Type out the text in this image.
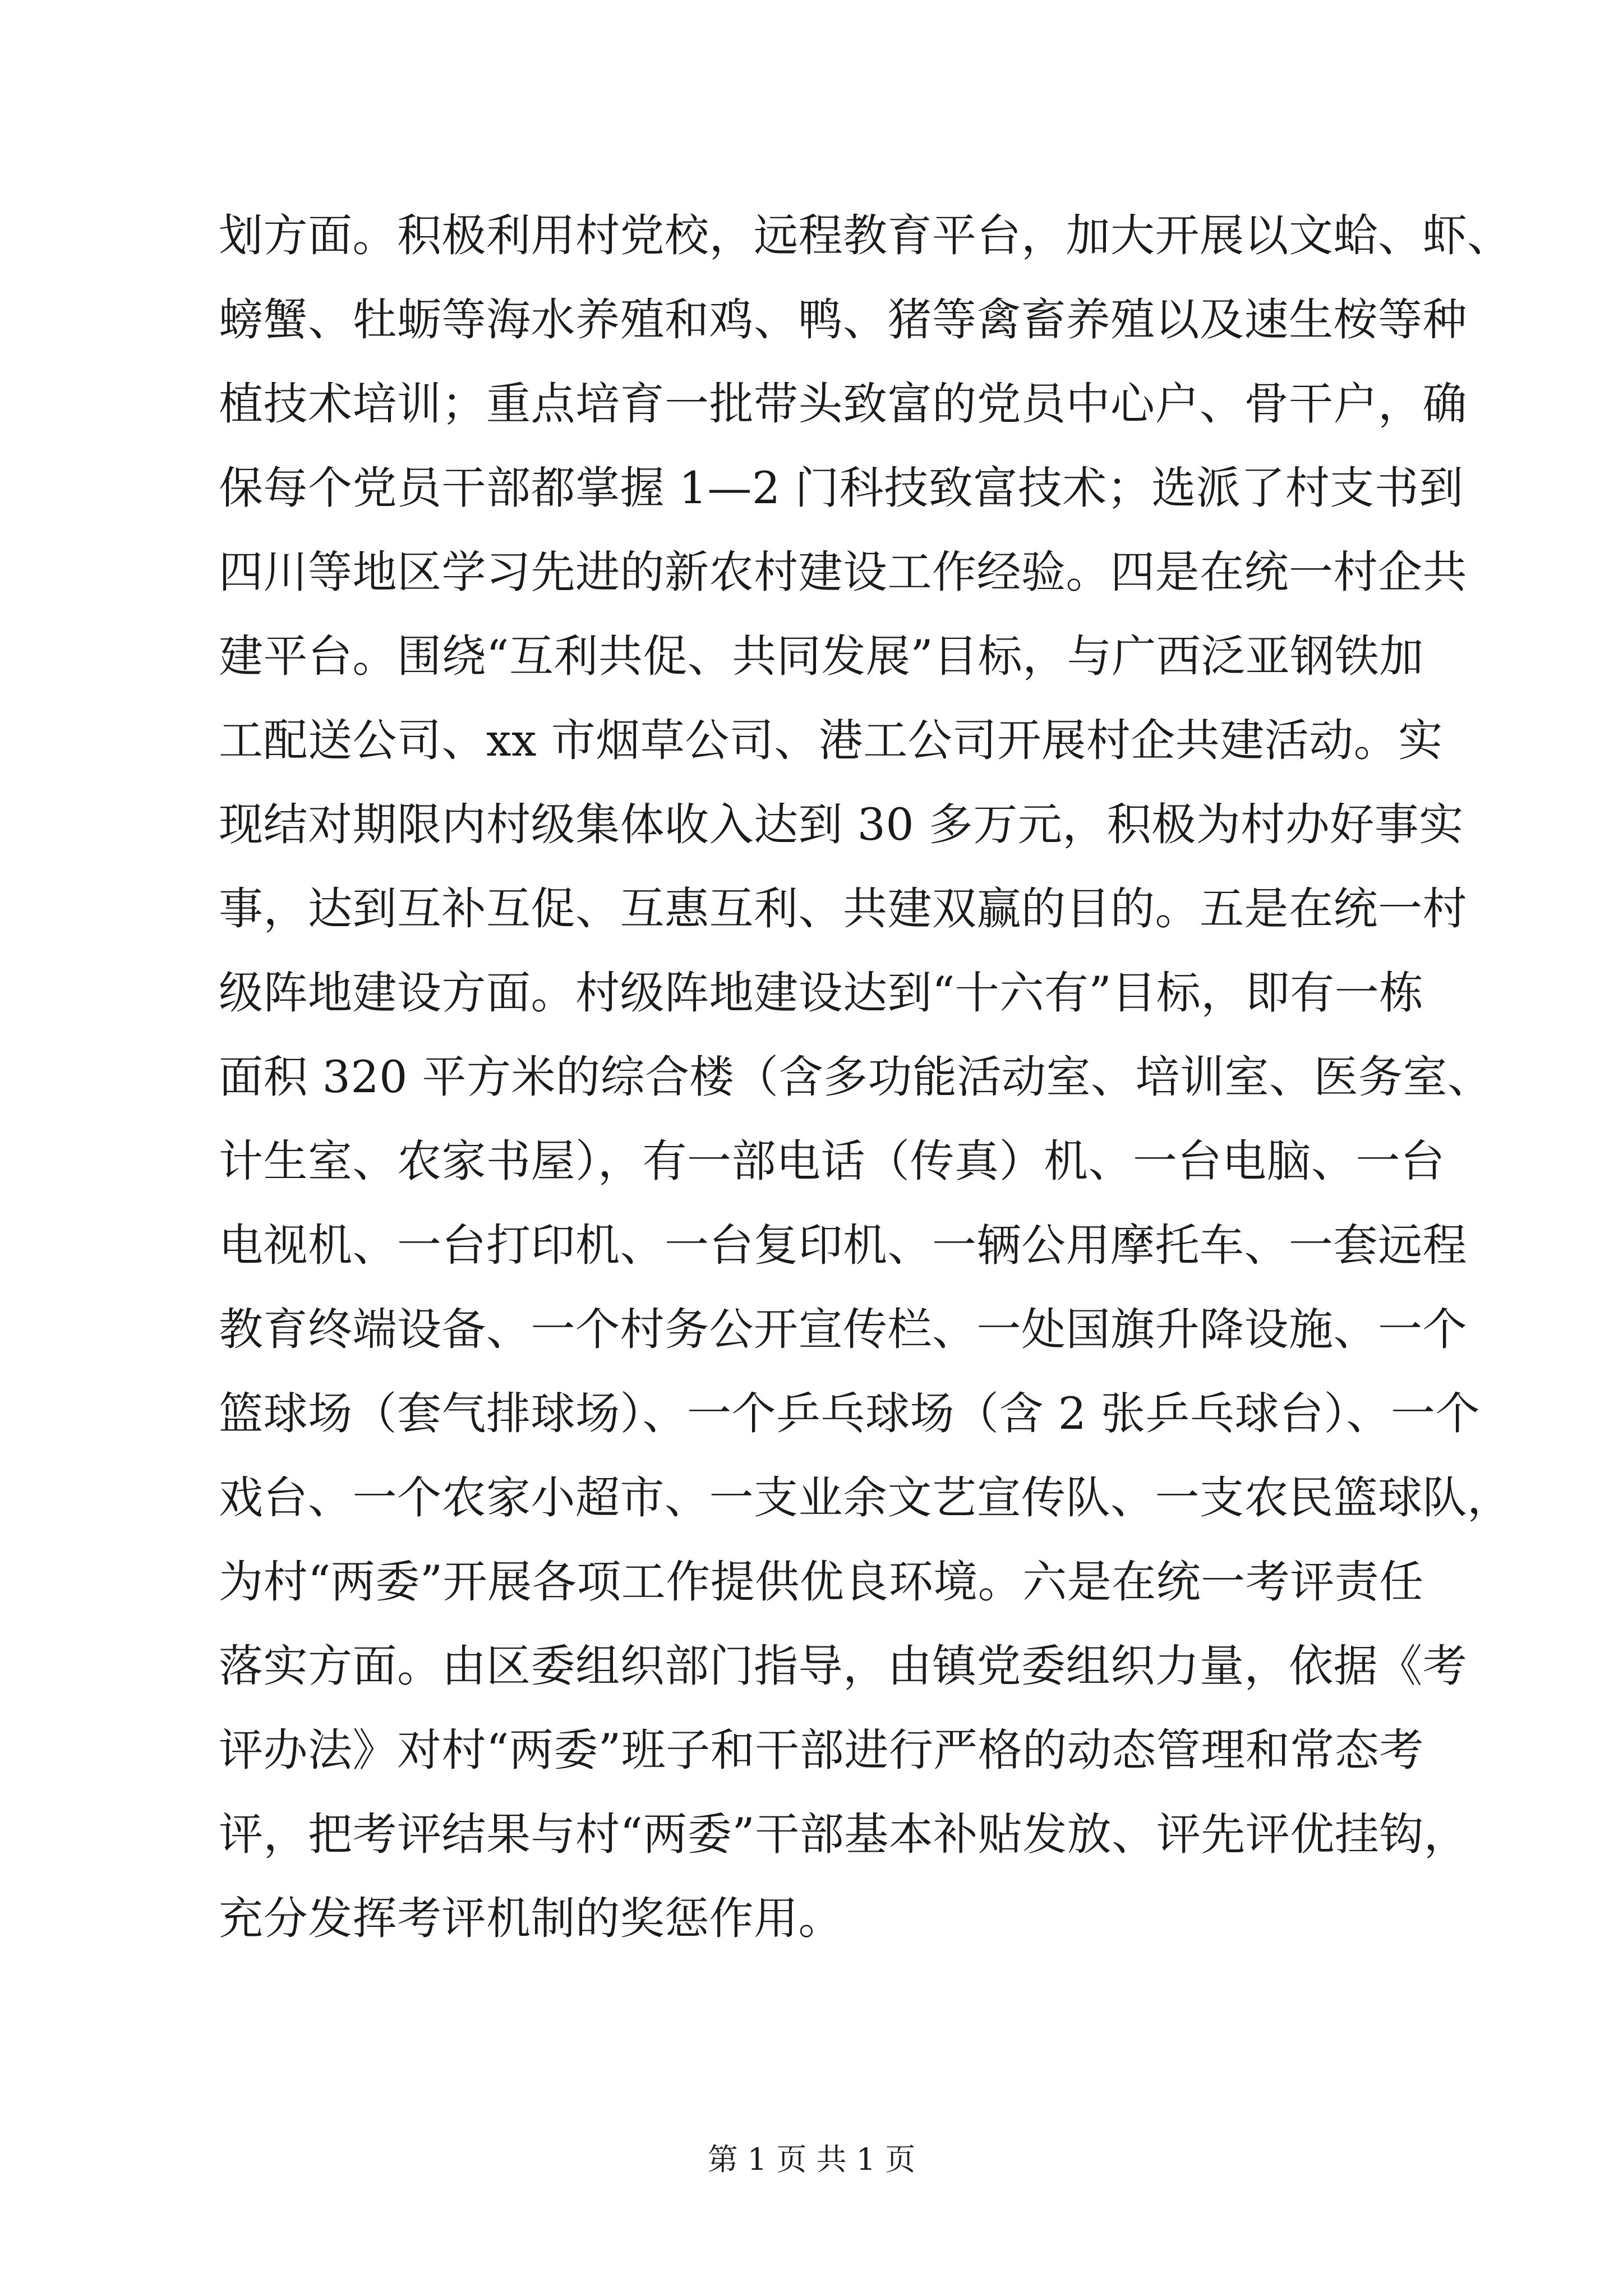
划方面。积极利用村党校，远程教育平台，加大开展以文蛤、虾、
螃蟹、牡蛎等海水养殖和鸡、鸭、猪等禽畜养殖以及速生桉等种
植技术培训；重点培育一批带头致富的党员中心户、骨干户，确
保每个党员干部都掌握 1—2 门科技致富技术；选派了村支书到
四川等地区学习先进的新农村建设工作经验。四是在统一村企共
建平台。围绕“互利共促、共同发展”目标，与广西泛亚钢铁加
工配送公司、xx 市烟草公司、港工公司开展村企共建活动。实
现结对期限内村级集体收入达到 30 多万元，积极为村办好事实
事，达到互补互促、互惠互利、共建双赢的目的。五是在统一村
级阵地建设方面。村级阵地建设达到“十六有”目标，即有一栋
面积 320 平方米的综合楼（含多功能活动室、培训室、医务室、
计生室、农家书屋），有一部电话（传真）机、一台电脑、一台
电视机、一台打印机、一台复印机、一辆公用摩托车、一套远程
教育终端设备、一个村务公开宣传栏、一处国旗升降设施、一个
篮球场（套气排球场）、一个乒乓球场（含 2 张乒乓球台）、一个
戏台、一个农家小超市、一支业余文艺宣传队、一支农民篮球队，
为村“两委”开展各项工作提供优良环境。六是在统一考评责任
落实方面。由区委组织部门指导，由镇党委组织力量，依据《考
评办法》对村“两委”班子和干部进行严格的动态管理和常态考
评，把考评结果与村“两委”干部基本补贴发放、评先评优挂钩，
充分发挥考评机制的奖惩作用。
第 1 页 共 1 页
